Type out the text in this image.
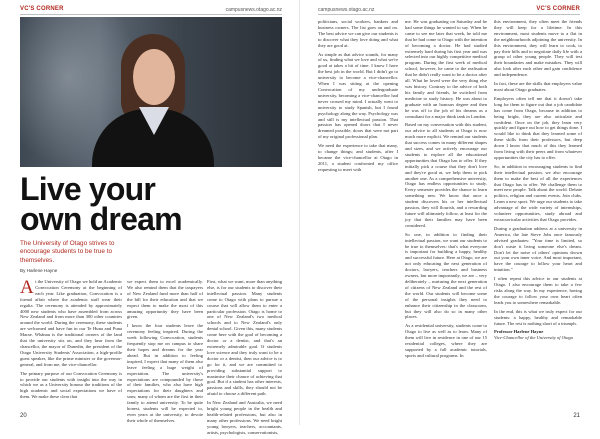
VC'S CORNER	campusnews.otago.ac.nz
Live your
own dream

The University of Otago strives to encourage students to be true to themselves.

By Harlene Hayne

At the University of Otago we hold an Academic Convocation Ceremony at the beginning of each year. Like graduation, Convocation is a formal affair where the academic staff wear their regalia. The ceremony is attended by approximately 4000 new students who have assembled from across New Zealand and from more than 300 other countries around the world. During the ceremony, these students are welcomed and have fun in our Te Huna and Puna Marae. Whānau is the traditional owners of the land that the university sits on, and they hear from the chancellor, the mayor of Dunedin, the president of the Otago University Students' Association, a high-profile guest speaker, like the prime minister or the governor-general, and from me, the vice-chancellor.

The primary purpose of our Convocation Ceremony is to provide our students with insight into the way in which we as a University honour the traditions of the high academic and social expectations we have of them. We make these clear that

we expect them to excel academically. We also remind them that the taxpayers of New Zealand fund more than half of the bill for their education and that we expect them to make the most of this amazing opportunity they have been given.

I know the four students leave the ceremony feeling inspired. During the week following Convocation, students frequently stop me on campus to share their hopes and dreams for the year ahead. But in addition to feeling inspired, I expect that many of them also leave feeling a huge weight of expectation. The university's expectations are compounded by those of their families, who also have high expectations for their daughters and sons; many of whom are the first in their family to attend university. To be quite honest, students will be expected to, even years at the university, to devote their whole of themselves.

First, what we want, more than anything else, is for our students to discover their intellectual passion. Many students come to Otago with plans to pursue a course that will allow them to enter a particular profession. Otago is home to one of New Zealand's two medical schools and to New Zealand's only dental school. Given this, many students come here with the goal of becoming a doctor or a dentist, and that's an extremely admirable goal. If students love science and they truly want to be a doctor or a dentist, then our advice is to go for it, and we are committed to providing substantial support to maximise their chance of achieving that goal. But if a student has other interests, passions and skills, they should not be afraid to choose a different path.

In New Zealand and Australia, we need bright young people in the health and health-related professions, but also in many other professions. We need bright young lawyers, teachers, accountants, artists, psychologists, conservationists,

20
campusnews.otago.ac.nz	VC'S CORNER

politicians, social workers, bankers and business owners. The list goes on and on. The best advice we can give our students is to discover what they love doing and what they are good at.

As simple as that advice sounds, for many of us, finding what we love and what we're good at takes a bit of time. I know I have the best job in the world. But I didn't go to university to become a vice-chancellor. When I was sitting at the opening Convocation of my undergraduate university, becoming a vice-chancellor had never crossed my mind. I actually went to university to study Spanish, but I found psychology along the way. Psychology was and still is my intellectual passion. That passion has opened doors that I never dreamed possible, doors that were not part of my original professional plan.

We need the experience to take that many, to change things; and students, after I became the vice-chancellor at Otago in 2011, a student confronted my office requesting to meet with

me. He was graduating on Saturday and he had some things he wanted to say. When he came to see me later that week, he told me that he had come to Otago with the intention of becoming a doctor. He had studied extremely hard during his first year and was selected into our highly competitive medical program. During the first week of medical school, however, he came to the realisation that he didn't really want to be a doctor after all. What he loved were the very thing else was history. Contrary to the advice of both his family and friends, he switched from medicine to study history. He was about to graduate with an honours degree and then he was off to the job of his dreams as a consultant for a major think tank in London.

Based on my conversation with this student, our advice to all students at Otago is now much more explicit. We remind our students that success comes in many different shapes and sizes, and we actively encourage our students to explore all the educational opportunities that Otago has to offer. If they initially pick a course that they don't love and they're good at, we help them to pick another one. As a comprehensive university, Otago has endless opportunities to study. Every semester provides the chance to learn something new. We know that once a student discovers his or her intellectual passion, they will flourish, and a rewarding future will ultimately follow, at least for the joy that their families may have been considered.

So one, in addition to finding their intellectual passion, we want our students to be true to themselves: that's what everyone is important for building a happy, healthy and successful future. Here at Otago, we are not only educating the next generation of doctors, lawyers, teachers and business owners, but more importantly, we are – very deliberately – nurturing the next generation of citizens of New Zealand and the rest of the world. Our students will become some of the personal insights they need to enhance their citizenship in the classroom, but they will also do so in many other places.

As a residential university, students come to Otago to live as well as to learn. Many of them will live in residence in one of our 15 residential colleges, where they are supported by a full academic tutorials, sports and cultural programs. In

this environment, they often meet the friends they will keep for a lifetime. In this environment, most students move to a flat in the neighbourhoods adjoining the university. In this environment, they will learn to cook, to pay their bills and to negotiate daily life with a group of other young people. They will test their boundaries and make mistakes. They will also look after each other and gain confidence and independence.

In fact, these are the skills that employers value most about Otago graduates.

Employers often tell me that it doesn't take long for them to figure out that a job candidate has come from Otago, because in addition to being bright, they are also articulate and confident. Once on the job, they learn very quickly and figure out how to get things done. I would like to think that they learned some of these skills from their professors, but deep down I know that much of this they learned from living with their peers and from whatever opportunities the city has to offer.

So, in addition to encouraging students to find their intellectual passion, we also encourage them to make the best of all the experiences that Otago has to offer. We challenge them to meet new people. Talk about the world. Debate politics, religion and current events. Join clubs. Learn a new sport. We urge our students to take advantage of the wide variety of internships, volunteer opportunities, study abroad and extracurricular activities that Otago provides.

During a graduation address at a university in America, the late Steve Jobs once famously advised graduates: "Your time is limited, so don't waste it living someone else's dream. Don't let the noise of others' opinions drown out your own inner voice. And most important, have the courage to follow your heart and intuition."

I often repeat this advice to our students at Otago. I also encourage them to take a few risks along the way. In my experience, having the courage to follow your own heart often leads you to somewhere remarkable.

In the end, this is what we truly expect for our students: a happy, healthy and remarkable future. The rest is nothing short of a triumph.

Professor Harlene Hayne
Vice-Chancellor of the University of Otago

21
